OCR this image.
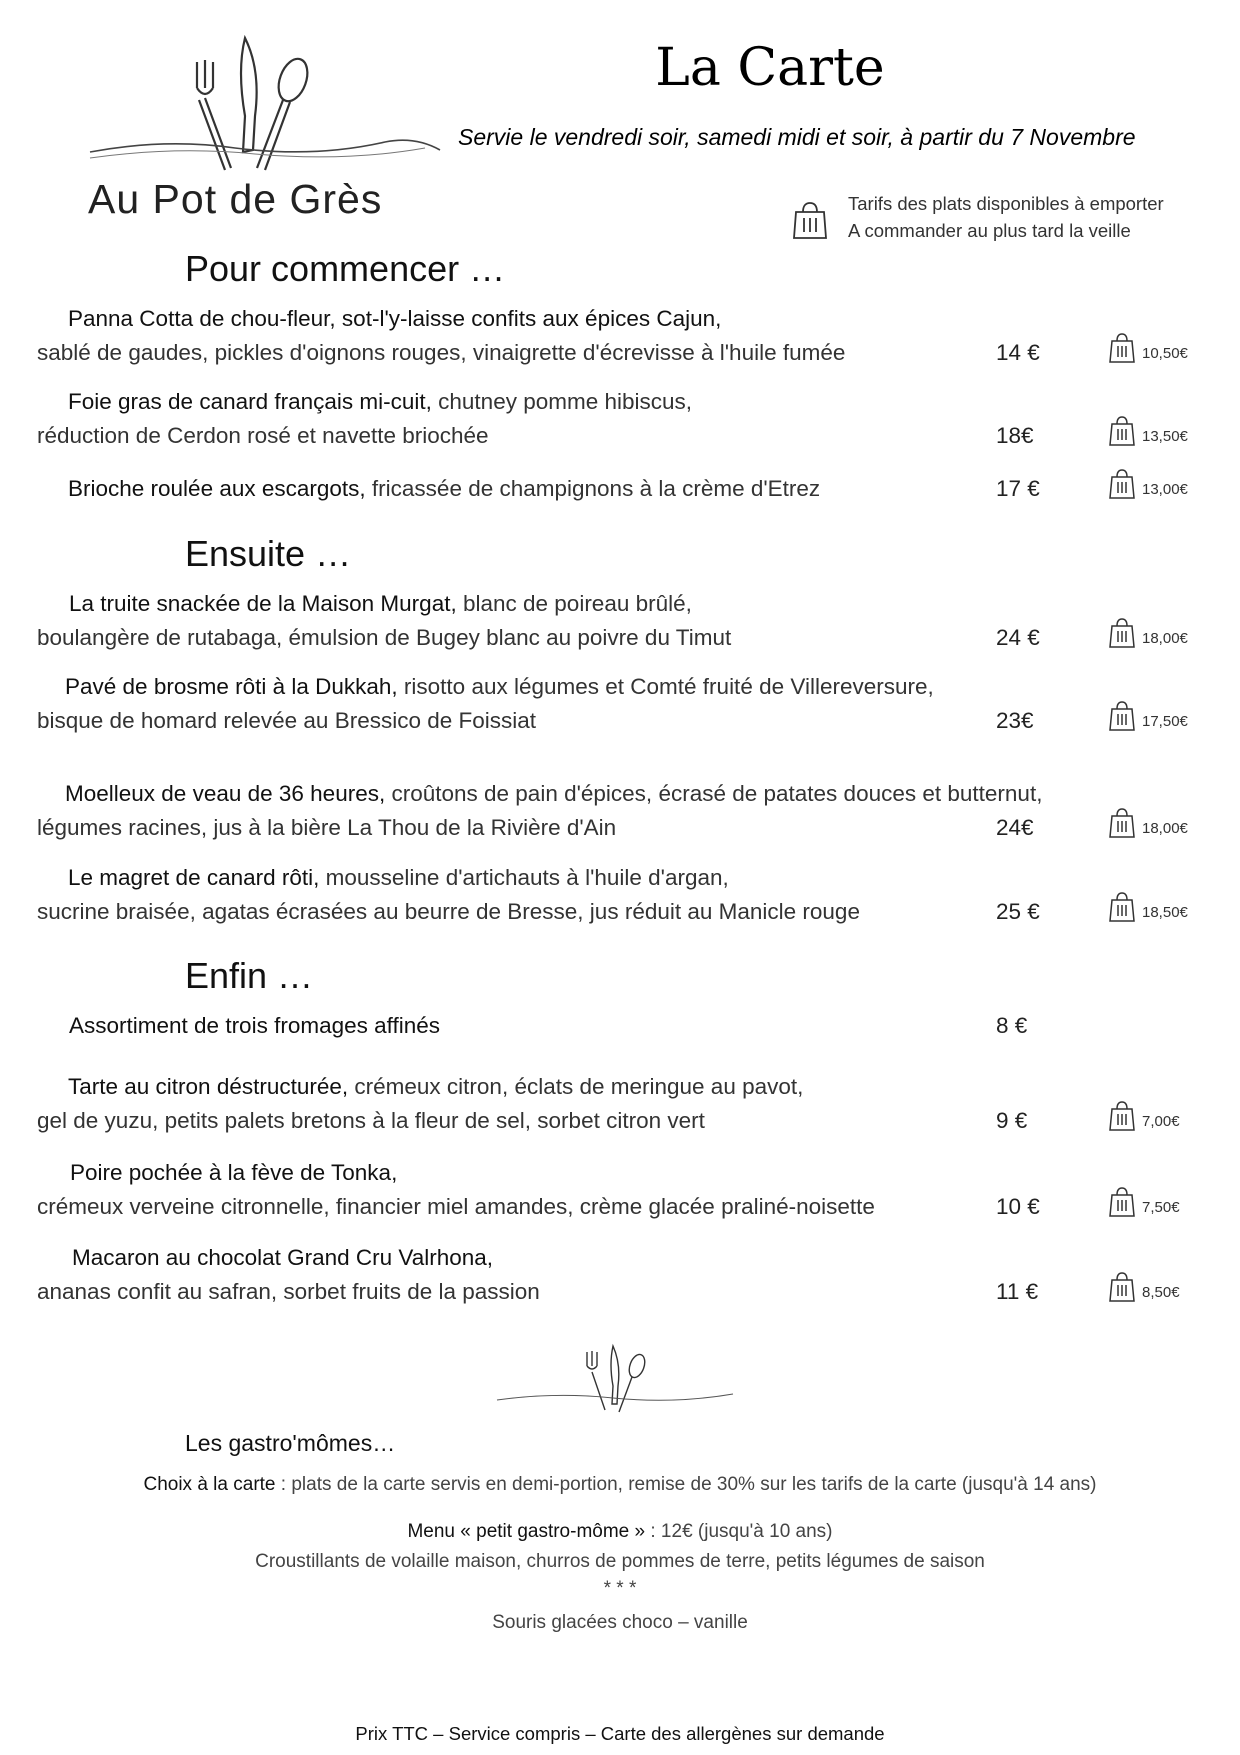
Au Pot de Grès
La Carte
Servie le vendredi soir, samedi midi et soir, à partir du 7 Novembre
Tarifs des plats disponibles à emporter
A commander au plus tard la veille
Pour commencer …
Panna Cotta de chou-fleur, sot-l'y-laisse confits aux épices Cajun,
sablé de gaudes, pickles d'oignons rouges, vinaigrette d'écrevisse à l'huile fumée	14 €	10,50€
Foie gras de canard français mi-cuit, chutney pomme hibiscus,
réduction de Cerdon rosé et navette briochée	18€	13,50€
Brioche roulée aux escargots, fricassée de champignons à la crème d'Etrez	17 €	13,00€
Ensuite …
La truite snackée de la Maison Murgat, blanc de poireau brûlé,
boulangère de rutabaga, émulsion de Bugey blanc au poivre du Timut	24 €	18,00€
Pavé de brosme rôti à la Dukkah, risotto aux légumes et Comté fruité de Villereversure,
bisque de homard relevée au Bressico de Foissiat	23€	17,50€
Moelleux de veau de 36 heures, croûtons de pain d'épices, écrasé de patates douces et butternut,
légumes racines, jus à la bière La Thou de la Rivière d'Ain	24€	18,00€
Le magret de canard rôti, mousseline d'artichauts à l'huile d'argan,
sucrine braisée, agatas écrasées au beurre de Bresse, jus réduit au Manicle rouge	25 €	18,50€
Enfin …
Assortiment de trois fromages affinés	8 €
Tarte au citron déstructurée, crémeux citron, éclats de meringue au pavot,
gel de yuzu, petits palets bretons à la fleur de sel, sorbet citron vert	9 €	7,00€
Poire pochée à la fève de Tonka,
crémeux verveine citronnelle, financier miel amandes, crème glacée praliné-noisette	10 €	7,50€
Macaron au chocolat Grand Cru Valrhona,
ananas confit au safran, sorbet fruits de la passion	11 €	8,50€
Les gastro'mômes…
Choix à la carte : plats de la carte servis en demi-portion, remise de 30% sur les tarifs de la carte (jusqu'à 14 ans)
Menu « petit gastro-môme » : 12€ (jusqu'à 10 ans)
Croustillants de volaille maison, churros de pommes de terre, petits légumes de saison
* * *
Souris glacées choco – vanille
Prix TTC – Service compris – Carte des allergènes sur demande
